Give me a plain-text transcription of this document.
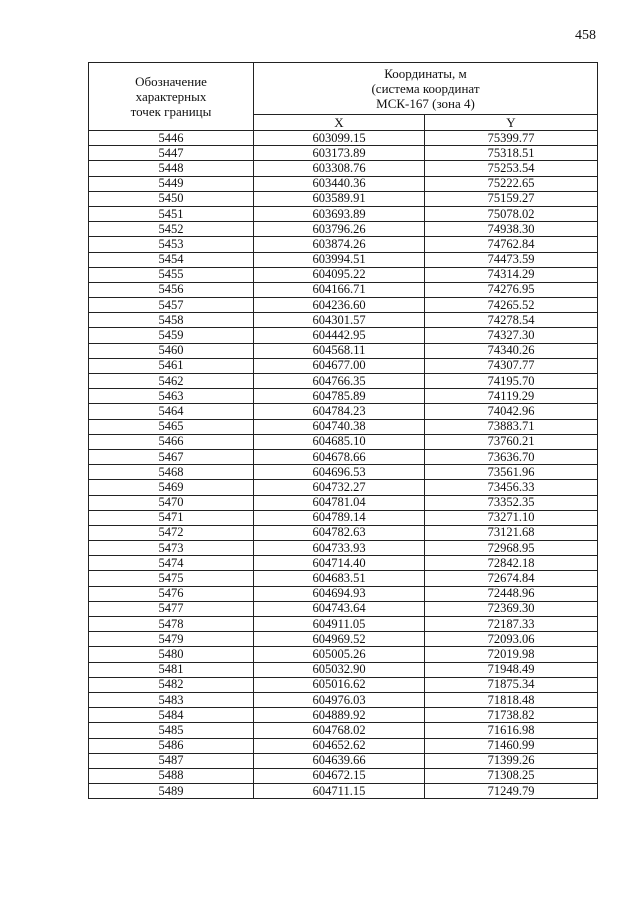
458
Обозначение
характерных
точек границы	Координаты, м
(система координат
МСК-167 (зона 4)	

	X	Y
5446	603099.15	75399.77
5447	603173.89	75318.51
5448	603308.76	75253.54
5449	603440.36	75222.65
5450	603589.91	75159.27
5451	603693.89	75078.02
5452	603796.26	74938.30
5453	603874.26	74762.84
5454	603994.51	74473.59
5455	604095.22	74314.29
5456	604166.71	74276.95
5457	604236.60	74265.52
5458	604301.57	74278.54
5459	604442.95	74327.30
5460	604568.11	74340.26
5461	604677.00	74307.77
5462	604766.35	74195.70
5463	604785.89	74119.29
5464	604784.23	74042.96
5465	604740.38	73883.71
5466	604685.10	73760.21
5467	604678.66	73636.70
5468	604696.53	73561.96
5469	604732.27	73456.33
5470	604781.04	73352.35
5471	604789.14	73271.10
5472	604782.63	73121.68
5473	604733.93	72968.95
5474	604714.40	72842.18
5475	604683.51	72674.84
5476	604694.93	72448.96
5477	604743.64	72369.30
5478	604911.05	72187.33
5479	604969.52	72093.06
5480	605005.26	72019.98
5481	605032.90	71948.49
5482	605016.62	71875.34
5483	604976.03	71818.48
5484	604889.92	71738.82
5485	604768.02	71616.98
5486	604652.62	71460.99
5487	604639.66	71399.26
5488	604672.15	71308.25
5489	604711.15	71249.79
